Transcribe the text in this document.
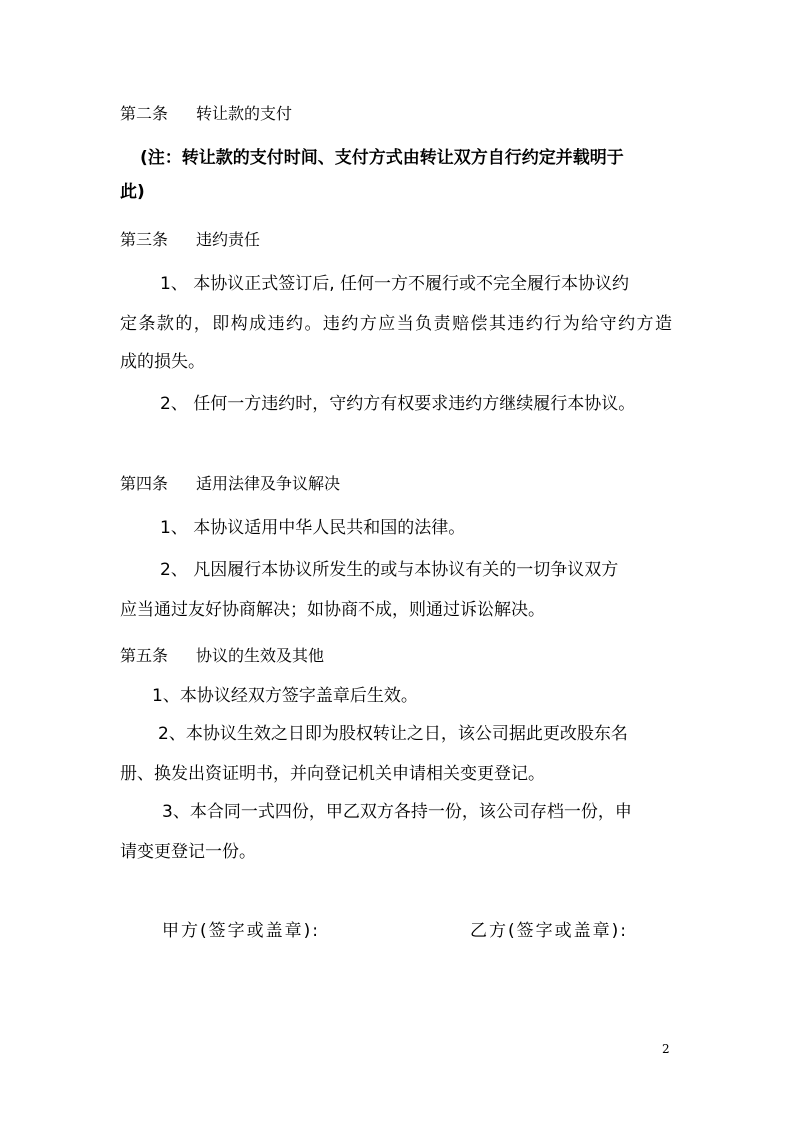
第二条 转让款的支付
(注：转让款的支付时间、支付方式由转让双方自行约定并载明于
此)
第三条 违约责任
1、 本协议正式签订后, 任何一方不履行或不完全履行本协议约
定条款的，即构成违约。违约方应当负责赔偿其违约行为给守约方造
成的损失。
2、 任何一方违约时，守约方有权要求违约方继续履行本协议。
第四条 适用法律及争议解决
1、 本协议适用中华人民共和国的法律。
2、 凡因履行本协议所发生的或与本协议有关的一切争议双方
应当通过友好协商解决；如协商不成，则通过诉讼解决。
第五条 协议的生效及其他
1、本协议经双方签字盖章后生效。
2、本协议生效之日即为股权转让之日，该公司据此更改股东名
册、换发出资证明书，并向登记机关申请相关变更登记。
3、本合同一式四份，甲乙双方各持一份，该公司存档一份，申
请变更登记一份。
甲方(签字或盖章):	乙方(签字或盖章):
2
